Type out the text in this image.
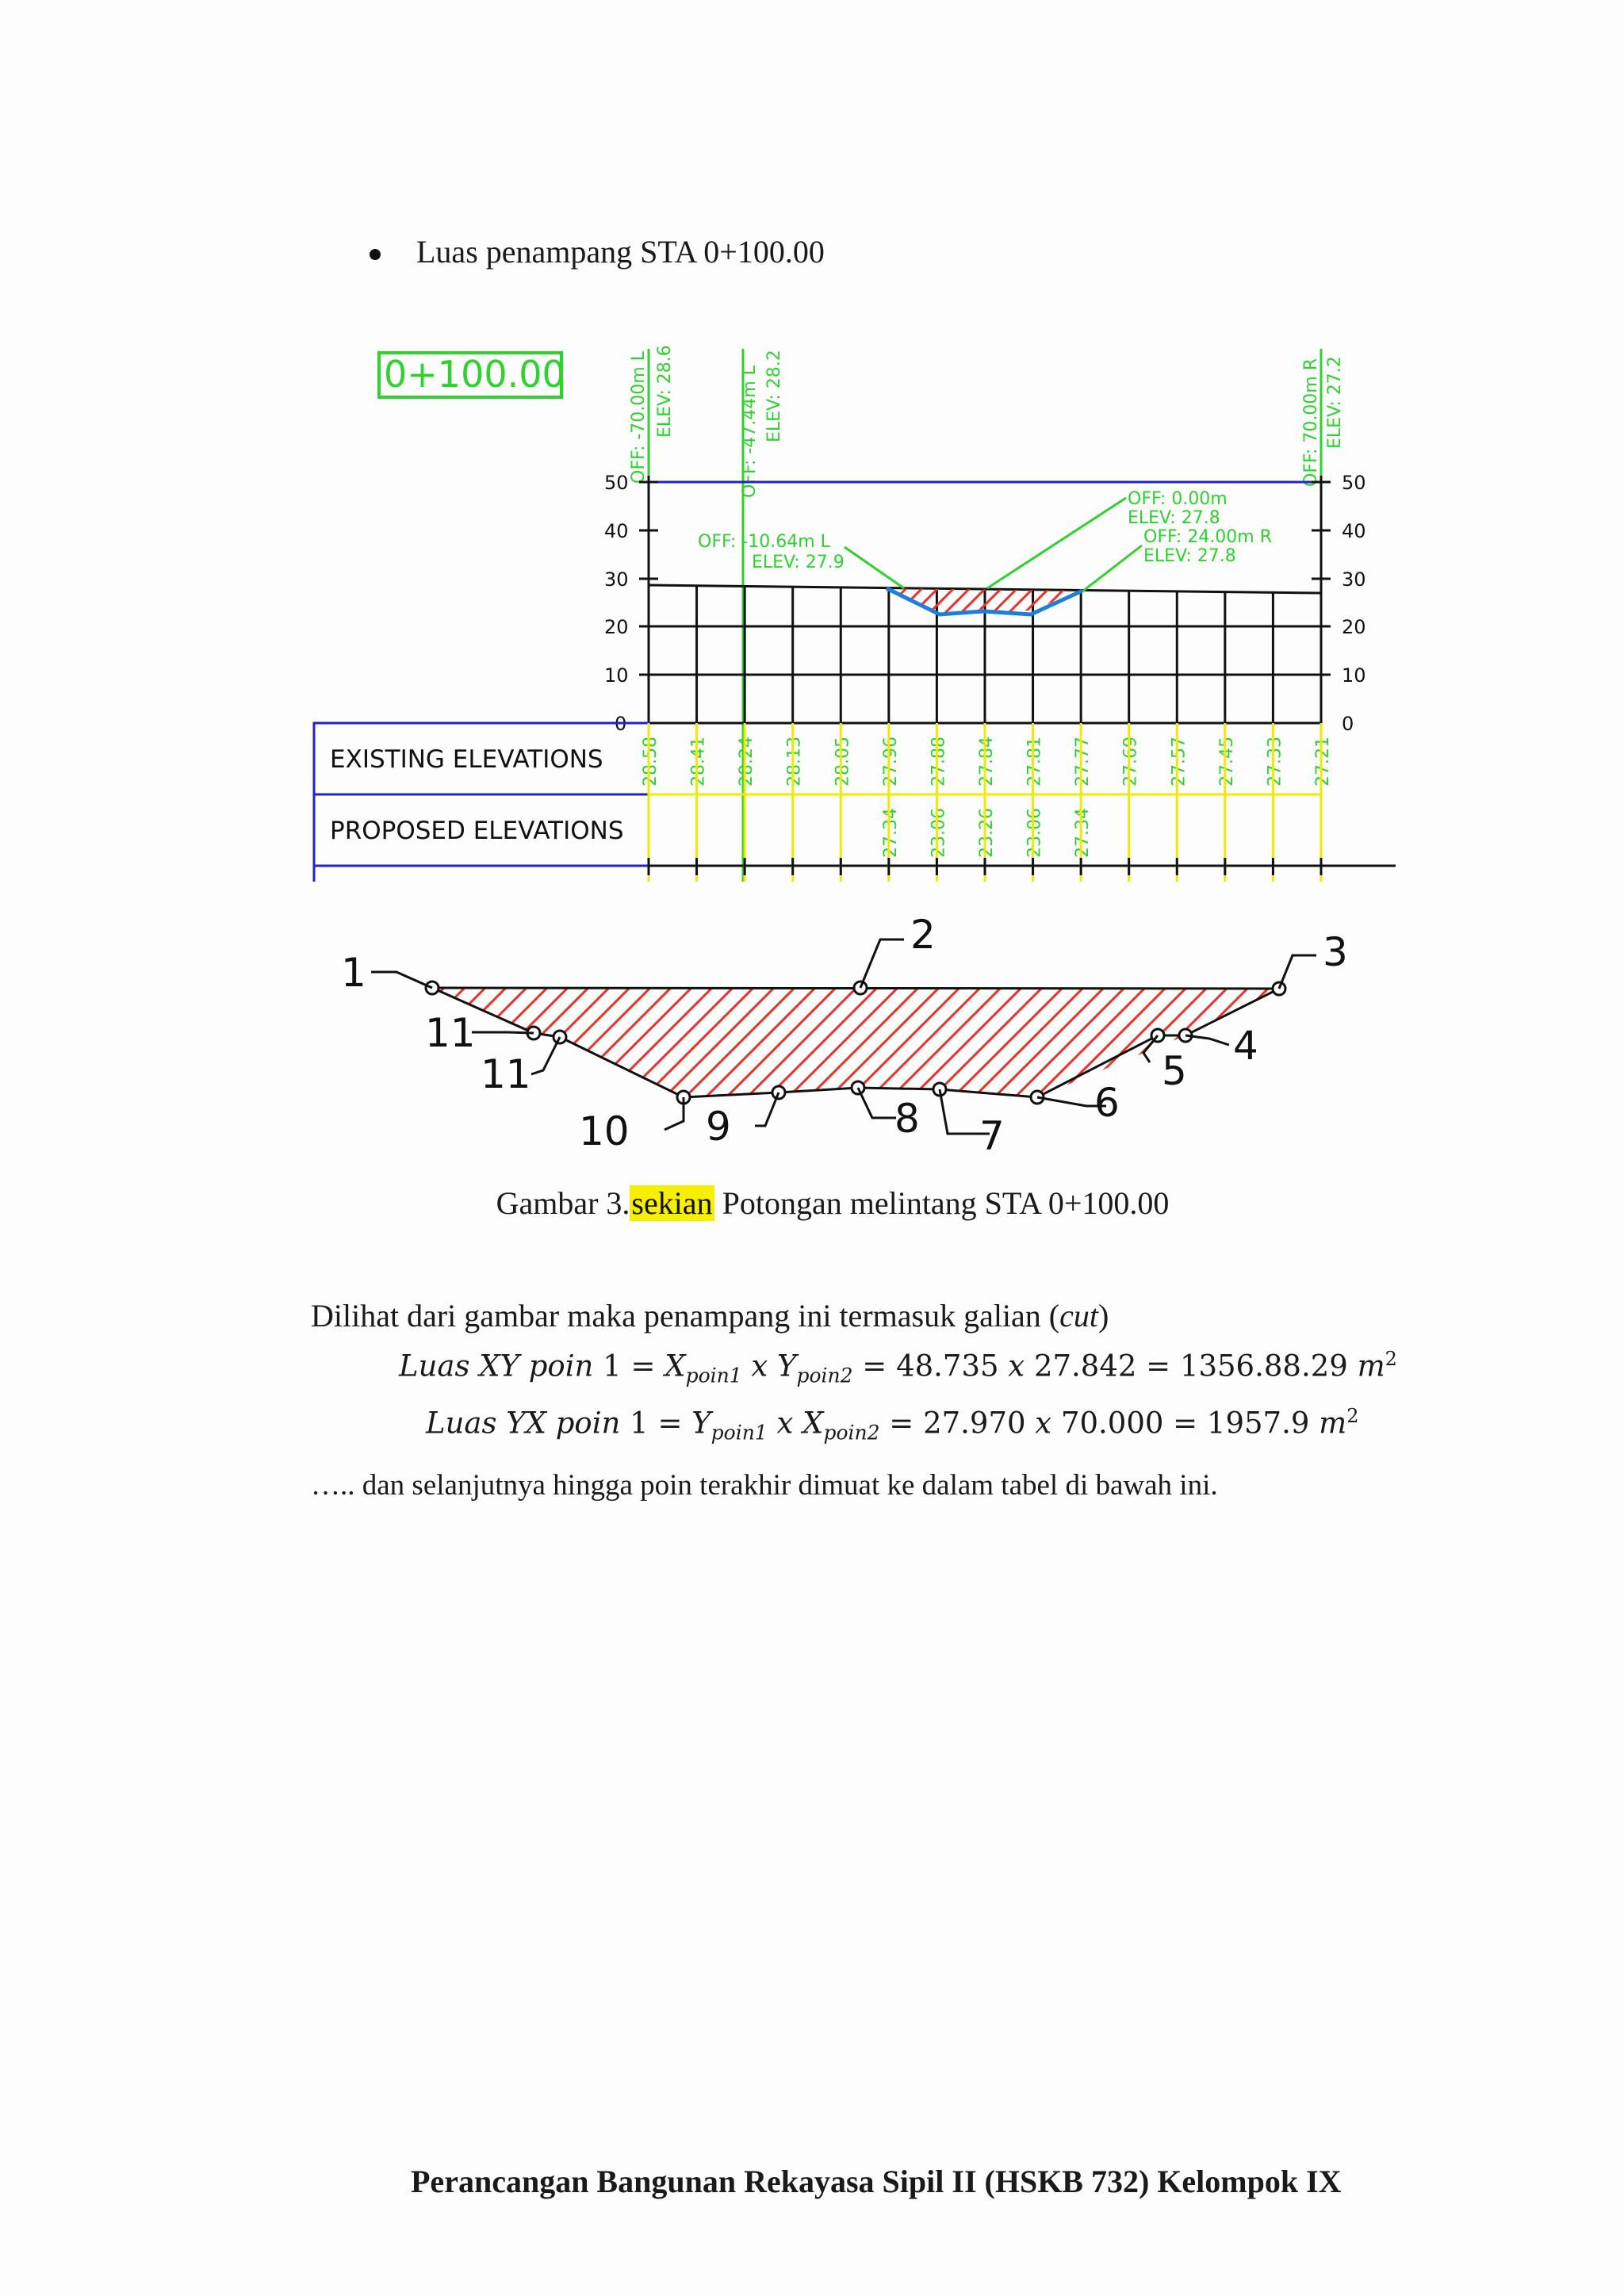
Luas penampang STA 0+100.00
0+100.00	OFF: -70.00m L ELEV: 28.6	OFF: -47.44m L ELEV: 28.2	OFF: 70.00m R ELEV: 27.2
50
40
30
20
10
0
50
40
30
20
10
0
OFF: -10.64m L
ELEV: 27.9
OFF: 0.00m
ELEV: 27.8
OFF: 24.00m R
ELEV: 27.8
EXISTING ELEVATIONS
PROPOSED ELEVATIONS
28.58 28.41 28.24 28.13 28.05 27.96 27.88 27.84 27.81 27.77 27.69 27.57 27.45 27.33 27.21
27.34 23.06 23.26 23.06 27.34
1
2	3
4
5
6
7
8
9
10
11
11
Gambar 3.sekian Potongan melintang STA 0+100.00
Dilihat dari gambar maka penampang ini termasuk galian (cut)
Luas XY poin $1 = X_{poin1}$ x $Y_{poin2} = 48.735$ x 27.842 = 1356.88.29 $m^2$
Luas YX poin $1 = Y_{poin1}$ x $X_{poin2} = 27.970$ x 70.000 = 1957.9 $m^2$
….. dan selanjutnya hingga poin terakhir dimuat ke dalam tabel di bawah ini.
Perancangan Bangunan Rekayasa Sipil II (HSKB 732) Kelompok IX
